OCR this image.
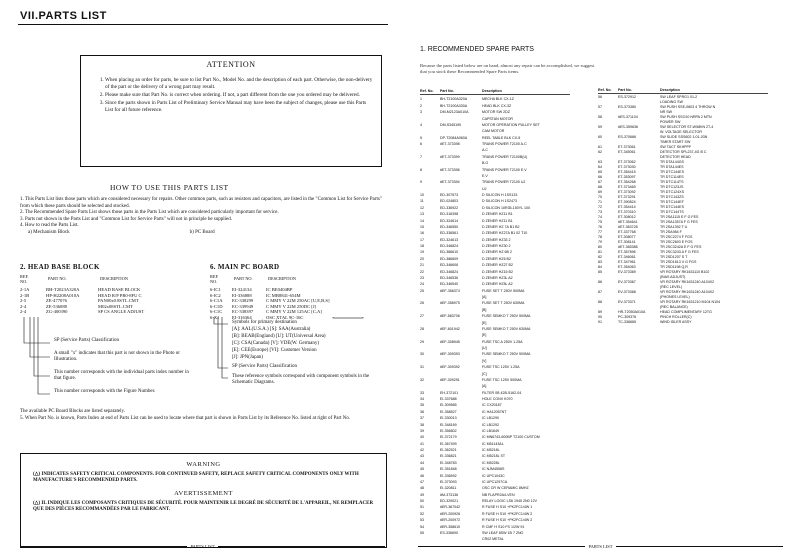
VII.PARTS LIST
ATTENTION
1. When placing an order for parts, be sure to list Part No., Model No. and the description of each part. Otherwise, the non-delivery of the part or the delivery of a wrong part may result.
2. Please make sure that Part No. is correct when ordering. If not, a part different from the one you ordered may be delivered.
3. Since the parts shown in Parts List of Preliminary Service Manual may have been the subject of changes, please use this Parts List for all future reference.
HOW TO USE THIS PARTS LIST

1. This Parts List lists those parts which are considered necessary for repairs. Other common parts, such as resistors and capacitors, are listed in the "Common List for Service Parts" from which these parts should be selected and stocked.

2. The Recommended Spare Parts List shows those parts in the Parts List which are considered particularly important for service.

3. Parts not shown in the Parts List and "Common List for Service Parts" will not in principle be supplied.

4. How to read the Parts List.

a) Mechanism Block	b) PC Board

2. HEAD BASE BLOCK
REF. NO.
PART NO.	DESCRIPTION
2-1A	BH-T2023A320A	HEAD BASE BLOCK
2-1B	HP-H2208A010A	HEAD R/P PR0-8FU C
2-5	ZE-477076	PAN00x0.8STL.CMT
2-4	ZE-536088	M02x08STL.CMT
2-4	ZG-400390	SP CS ANGLE ADJUST
6. MAIN PC BOARD
REF. NO.
PART NO.	DESCRIPTION
6-IC1	EI-324134	IC BE0404BP
6-IC2	EI-336888	IC MB8841-654M
6-C1A	EC-338299	C MMY V 22M 250AC [U,E,B,S]
6-C1D	EC-339949	C MMY V 22M 250DC [J]
6-C1C	EC-338397	C MMY V 22M 125AC [C,A]
6-X1	EI-316364	OSC XTAL 9C-16C
SP (Service Parts) Classification
A small "x" indicates that this part is not shown in the Photo or Illustration.
This number corresponds with the individual parts index number in that figure.
This number corresponds with the Figure Number.
Symbols for primary destination
[A]: AAL(U.S.A.) [S]: SAA(Australia)
[B]: BEAB(England) [U]: UT(Universal Area)
[C]: CSA(Canada) [V]: VDE(W. Germany)
[E]: CEE(Europe) [VI]: Customer Version
[J]: JPN(Japan)
SP (Service Parts) Classification
These reference symbols correspond with component symbols in the Schematic Diagrams.
The available PC Board Blocks are listed separately.
5. When Part No. is known, Parts Index at end of Parts List can be used to locate where that part is shown in Parts List by its Reference No. listed at right of Part No.
WARNING
(△) INDICATES SAFETY CRITICAL COMPONENTS. FOR CONTINUED SAFETY, REPLACE SAFETY CRITICAL COMPONENTS ONLY WITH MANUFACTURE'S RECOMMENDED PARTS.
AVERTISSEMENT
(△) IL INDIQUE LES COMPOSANTS CRITIQUES DE SÉCURITÉ. POUR MAINTENIR LE DEGRÉ DE SÉCURITÉ DE L'APPAREIL, NE REMPLACER QUE DES PIÈCES RECOMMANDÉES PAR LE FABRICANT.
PARTS LIST
1. RECOMMENDED SPARE PARTS
Because the parts listed below are on hand, almost any repair can be accomplished, we suggest that you stock these Recommended Spare Parts items.
Ref. No.	Part No.	Description
1	BH-T2100A320A	MECHA BLK CX-1Z
2	BH-T2100A330A	HEAD BLK CX-3Z
3	DM-M2123A010A	MOTOR SW 2DZ
CAPSTAN MOTOR
4	DM-S345190	MOTOR OPERATION PULLEY SET
CAM MOTOR
5	DP-T2084A060A	REEL TABLE BLK CX-5
6	#ET-373398	TRANS POWER T2100 A.C
A.C
7	#ET-373399	TRANS POWER T2100B(U)
B.G
8	#ET-373396	TRANS POWER T2100 E.V
E.V
9	#ET-373394	TRANS POWER T2100 UJ
UJ
10	ED-307573	D SILICON H 1SS133
11	ED-024803	D SILICON H 1S2473
12	ED-336922	D SILICON 10R35-150YL 100
13	ED-316398	D ZENER HZ11 B1
14	ED-324614	D ZENER HZ11 B1
15	ED-346550	D ZENER HZ 7A B1 B2
16	ED-336561	D ZENER HZ27A B1 02 T10
17	ED-324613	D ZENER HZ33 2
18	ED-346824	D ZENER HZ30 2
19	ED-386610	D ZENER HZ 6B 2
20	ED-386609	D ZENER HZ6 B2
21	ED-346606	D ZENER HZ27 B2
22	ED-346824	D ZENER HZ15 B2
23	ED-346536	D ZENER HZ3L A2
24	ED-346540	D ZENER HZ5L A2
25	#EF-356374	FUSE SET T 250V 500MA
[A]
26	#EF-356975	FUSE SET T 250V 630MA
[B]
27	#EF-583706	FUSE SEMKO T 250V 500MA
[E]
28	#EF-601942	FUSE SEMKO T 250V 630MA
[E]
29	#EF-308945	FUSE TSC A 250V 1.25A
[U]
30	#EF-309393	FUSE SEMKO T 250V 500MA
[V]
31	#EF-309392	FUSE TSC 125V 1.25A
[C]
32	#EF-309291	FUSE TSC 125V 500MA
[A]
33	EH-372101	FILTER 0B 42B-5162-04
34	EI-337688	HOLE CONV K070
35	EI-309585	IC CX20187
36	EI-358527	IC HA12057NT
37	EI-330013	IC LB1290
38	EI-348169	IC LB1292
39	EI-356802	IC LB1649
40	EI-372179	IC MN6743-600BP T2100 CUSTOM
41	EI-367499	IC M51143AL
42	EI-362521	IC M5218L
43	EI-336821	IC M5218L ST
44	EI-348783	IC M5228L
45	EI-351848	IC NJM4558S
46	EI-336592	IC UPC1043C
47	EI-373093	IC UPC1297CA
48	EI-320811	OSC CR W CERAMIC 8MHZ
49	#M-373136	NB FLAPR2A4-VEN
50	ED-329021	RELAY LOGIC LS6 1945 2N0 12V
51	#ER-367042	R FUSE H S10 +PK2FC1/4W 1
52	#ER-200926	R FUSE H S10 +PK2FC1/4W 2
53	#ER-200972	R FUSE H S10 +PK2FC1/4W 2
54	#ER-358610	R CMF H S10 FS 1/2W 91
55	ES-336690	SW LEAF 8SW 1B 7 2NO
CR02 METAL
Ref. No.	Part No.	Description
56	ES-372912	SW LEAF SPRG1 01-2
LOADING SW
57	ES-373380	SW PUSH SSE-0803 4 THROW N
NR SW
58	#ES-371104	SW PUSH SSO10 NRPA 2 MTN
POWER SW
59	#ES-359636	SW SELECTOR ST-W58KN 2T-4
W. VOLTAGE SELECTOR
60	ES-370666	SW SLIDE SSS602 1-01-03N
TIMER START SW
61	ET-373061	SW TACT SKHPPF
62	ET-345061	DETECTOR SPL237-4G B C
DETECTOR HEAD
63	ET-373062	TR DTA144GS
64	ET-373030	TR DTA144ES
65	ET-354415	TR DTC144ES
66	ET-353097	TR DTC114ES
67	ET-354268	TR DTC114TS
68	ET-373469	TR DTC123JS
69	ET-373092	TR DTC124XS
70	ET-373291	TR DTC143ZS
71	ET-390824	TR DTC144EF
72	ET-354414	TR DTC144ES
73	ET-370310	TR DTC144TS
74	ET-308012	TR 2SA1115 E F G FES
75	#ET-354641	TR 2SA1357A F G FES
76	#ET-363728	TR 2SA1392 T U
77	ET-337768	TR 2SA984 F
78	ET-308077	TR 2SC2274 F FGS
79	ET-308141	TR 2SC2603 E FGS
80	#ET-365386	TR 2SC3242A E F G FES
81	ET-357896	TR 2SC3243 A F G FES
82	ET-346061	TR 2SD1207 S T
83	ET-347961	TR 2SD1613 V G FGS
84	ET-354063	TR 2SD1198 Q,R
85	EV-373369	VR ROTARY RK1631110 B102
(BIAS ADJUST)
86	EV-373367	VR ROTARY RK1631240 A104X2
(REC LEVEL)
87	EV-373368	VR ROTARY RK1631240 A104X2
(PHONES LEVEL)
88	EV-373371	VR ROTARY RK1631210 M104 N104
(REC BALANCE)
89	HR-T2050A010A	HEAD COMPLIMENTARY 12TG
90	PC-309376	PINCH ROLLER(C)
91	TC-336665	WIND IDLER ASSY
PARTS LIST
